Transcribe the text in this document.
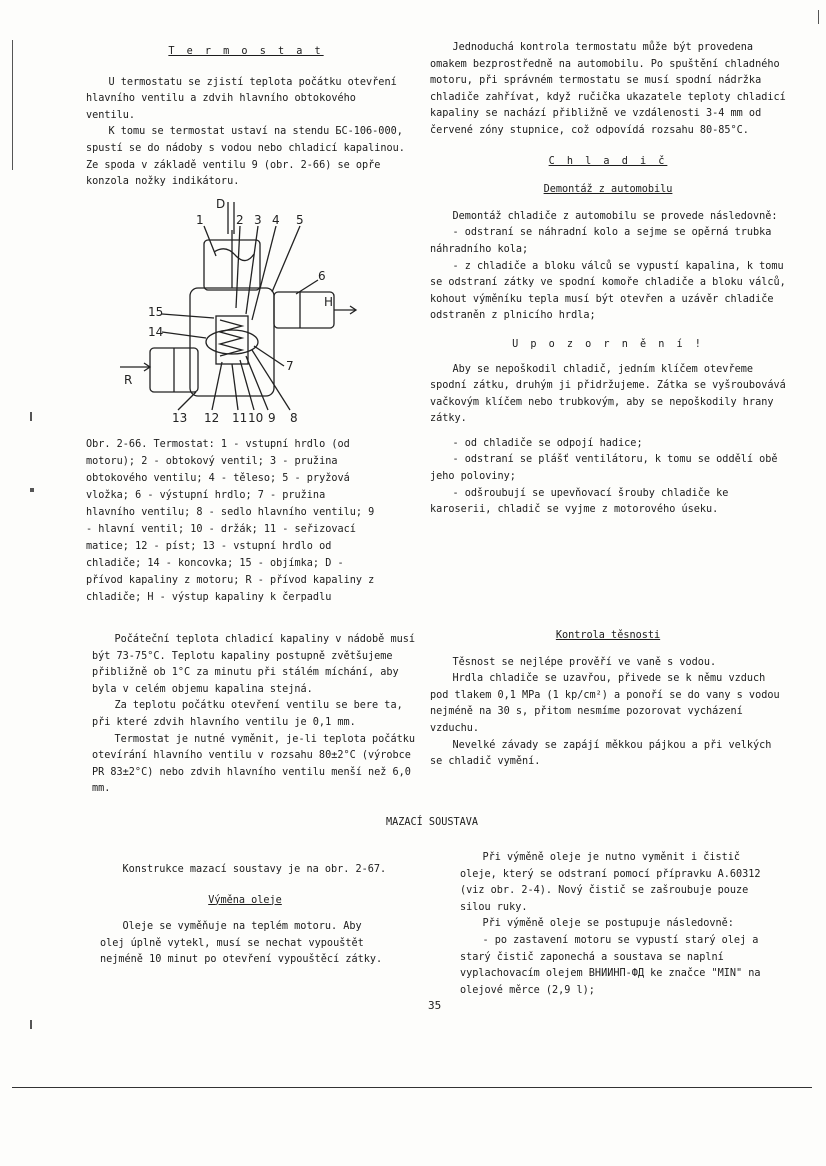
T e r m o s t a t

U termostatu se zjistí teplota počátku otevření hlavního ventilu a zdvih hlavního obtokového ventilu.

K tomu se termostat ustaví na stendu БС-106-000, spustí se do nádoby s vodou nebo chladicí kapalinou. Ze spoda v základě ventilu 9 (obr. 2-66) se opře konzola nožky indikátoru.

D
1	2 3 4 5
6
H
15
14
7
R
13 12 11 10 9 8
Obr. 2-66. Termostat: 1 - vstupní hrdlo (od motoru); 2 - obtokový ventil; 3 - pružina obtokového ventilu; 4 - těleso; 5 - pryžová vložka; 6 - výstupní hrdlo; 7 - pružina hlavního ventilu; 8 - sedlo hlavního ventilu; 9 - hlavní ventil; 10 - držák; 11 - seřizovací matice; 12 - píst; 13 - vstupní hrdlo od chladiče; 14 - koncovka; 15 - objímka; D - přívod kapaliny z motoru; R - přívod kapaliny z chladiče; H - výstup kapaliny k čerpadlu

Počáteční teplota chladicí kapaliny v nádobě musí být 73-75°C. Teplotu kapaliny postupně zvětšujeme přibližně ob 1°C za minutu při stálém míchání, aby byla v celém objemu kapalina stejná.

Za teplotu počátku otevření ventilu se bere ta, při které zdvih hlavního ventilu je 0,1 mm.

Termostat je nutné vyměnit, je-li teplota počátku otevírání hlavního ventilu v rozsahu 80±2°C (výrobce PR 83±2°C) nebo zdvih hlavního ventilu menší než 6,0 mm.

Jednoduchá kontrola termostatu může být provedena omakem bezprostředně na automobilu. Po spuštění chladného motoru, při správném termostatu se musí spodní nádržka chladiče zahřívat, když ručička ukazatele teploty chladicí kapaliny se nachází přibližně ve vzdálenosti 3-4 mm od červené zóny stupnice, což odpovídá rozsahu 80-85°C.

C h l a d i č

Demontáž z automobilu

Demontáž chladiče z automobilu se provede následovně:

- odstraní se náhradní kolo a sejme se opěrná trubka náhradního kola;

- z chladiče a bloku válců se vypustí kapalina, k tomu se odstraní zátky ve spodní komoře chladiče a bloku válců, kohout výměníku tepla musí být otevřen a uzávěr chladiče odstraněn z plnicího hrdla;

U p o z o r n ě n í !

Aby se nepoškodil chladič, jedním klíčem otevřeme spodní zátku, druhým ji přidržujeme. Zátka se vyšroubovává vačkovým klíčem nebo trubkovým, aby se nepoškodily hrany zátky.

- od chladiče se odpojí hadice;

- odstraní se plášť ventilátoru, k tomu se oddělí obě jeho poloviny;

- odšroubují se upevňovací šrouby chladiče ke karoserii, chladič se vyjme z motorového úseku.

Kontrola těsnosti

Těsnost se nejlépe prověří ve vaně s vodou.

Hrdla chladiče se uzavřou, přivede se k němu vzduch pod tlakem 0,1 MPa (1 kp/cm²) a ponoří se do vany s vodou nejméně na 30 s, přitom nesmíme pozorovat vycházení vzduchu.

Nevelké závady se zapájí měkkou pájkou a při velkých se chladič vymění.

MAZACÍ SOUSTAVA

Konstrukce mazací soustavy je na obr. 2-67.

Výměna oleje

Oleje se vyměňuje na teplém motoru. Aby olej úplně vytekl, musí se nechat vypouštět nejméně 10 minut po otevření vypouštěcí zátky.

Při výměně oleje je nutno vyměnit i čistič oleje, který se odstraní pomocí přípravku A.60312 (viz obr. 2-4). Nový čistič se zašroubuje pouze silou ruky.

Při výměně oleje se postupuje následovně:

- po zastavení motoru se vypustí starý olej a starý čistič zaponechá a soustava se naplní vyplachovacím olejem ВНИИНП-ФД ke značce "MIN" na olejové měrce (2,9 l);

35
